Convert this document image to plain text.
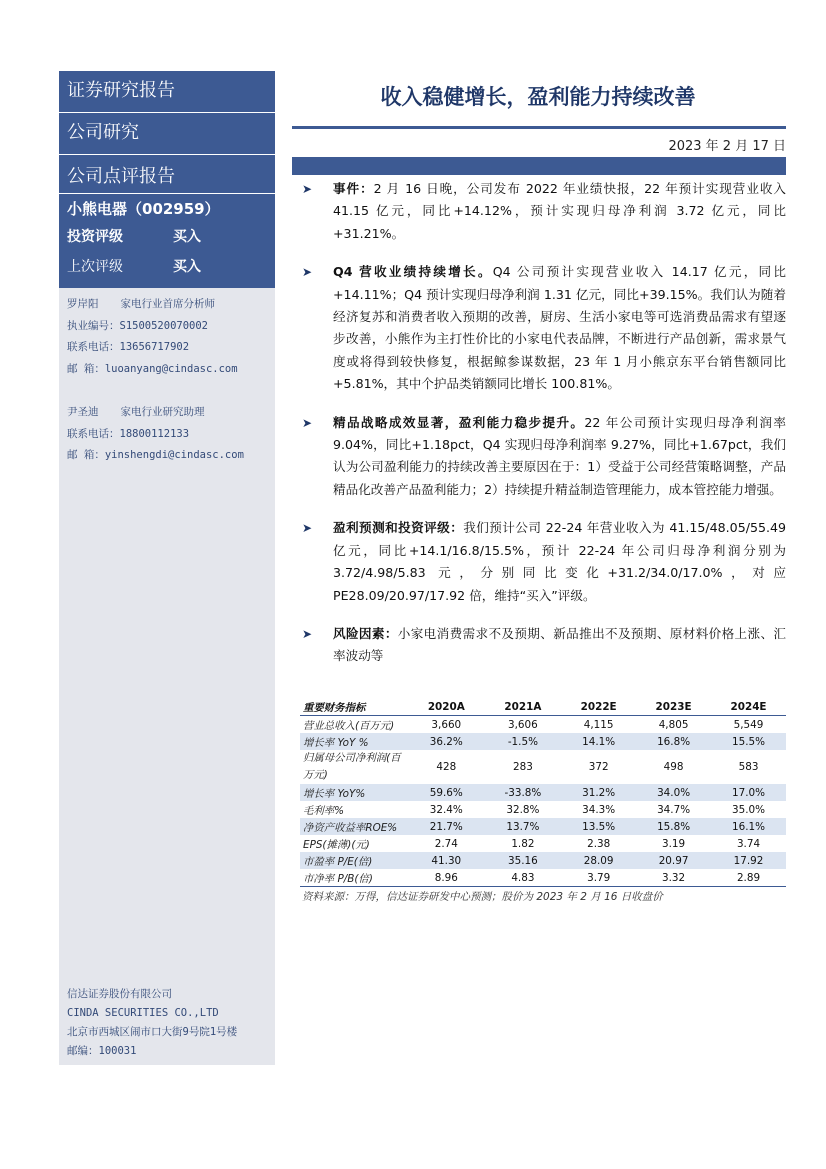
证券研究报告
公司研究
公司点评报告
小熊电器（002959）
投资评级	买入
上次评级	买入
罗岸阳 家电行业首席分析师
执业编号：S1500520070002
联系电话：13656717902
邮 箱：luoanyang@cindasc.com
尹圣迪 家电行业研究助理
联系电话：18800112133
邮 箱：yinshengdi@cindasc.com
信达证券股份有限公司
CINDA SECURITIES CO.,LTD
北京市西城区闹市口大街9号院1号楼
邮编：100031
收入稳健增长，盈利能力持续改善
2023 年 2 月 17 日
➤ 事件：2 月 16 日晚，公司发布 2022 年业绩快报，22 年预计实现营业收入 41.15 亿元，同比+14.12%，预计实现归母净利润 3.72 亿元，同比+31.21%。
➤ Q4 营收业绩持续增长。Q4 公司预计实现营业收入 14.17 亿元，同比+14.11%；Q4 预计实现归母净利润 1.31 亿元，同比+39.15%。我们认为随着经济复苏和消费者收入预期的改善，厨房、生活小家电等可选消费品需求有望逐步改善，小熊作为主打性价比的小家电代表品牌，不断进行产品创新，需求景气度或将得到较快修复，根据鲸参谋数据，23 年 1 月小熊京东平台销售额同比+5.81%，其中个护品类销额同比增长 100.81%。
➤ 精品战略成效显著，盈利能力稳步提升。22 年公司预计实现归母净利润率 9.04%，同比+1.18pct，Q4 实现归母净利润率 9.27%，同比+1.67pct，我们认为公司盈利能力的持续改善主要原因在于：1）受益于公司经营策略调整，产品精品化改善产品盈利能力；2）持续提升精益制造管理能力，成本管控能力增强。
➤ 盈利预测和投资评级：我们预计公司 22-24 年营业收入为 41.15/48.05/55.49 亿元，同比+14.1/16.8/15.5%，预计 22-24 年公司归母净利润分别为 3.72/4.98/5.83 元，分别同比变化+31.2/34.0/17.0%，对应 PE28.09/20.97/17.92 倍，维持“买入”评级。
➤ 风险因素：小家电消费需求不及预期、新品推出不及预期、原材料价格上涨、汇率波动等
重要财务指标	2020A	2021A	2022E	2023E	2024E
营业总收入(百万元)	3,660	3,606	4,115	4,805	5,549
增长率 YoY %	36.2%	-1.5%	14.1%	16.8%	15.5%
归属母公司净利润(百万元)	428	283	372	498	583
增长率 YoY%	59.6%	-33.8%	31.2%	34.0%	17.0%
毛利率%	32.4%	32.8%	34.3%	34.7%	35.0%
净资产收益率ROE%	21.7%	13.7%	13.5%	15.8%	16.1%
EPS(摊薄)(元)	2.74	1.82	2.38	3.19	3.74
市盈率 P/E(倍)	41.30	35.16	28.09	20.97	17.92
市净率 P/B(倍)	8.96	4.83	3.79	3.32	2.89
资料来源：万得，信达证券研发中心预测；股价为 2023 年 2 月 16 日收盘价
